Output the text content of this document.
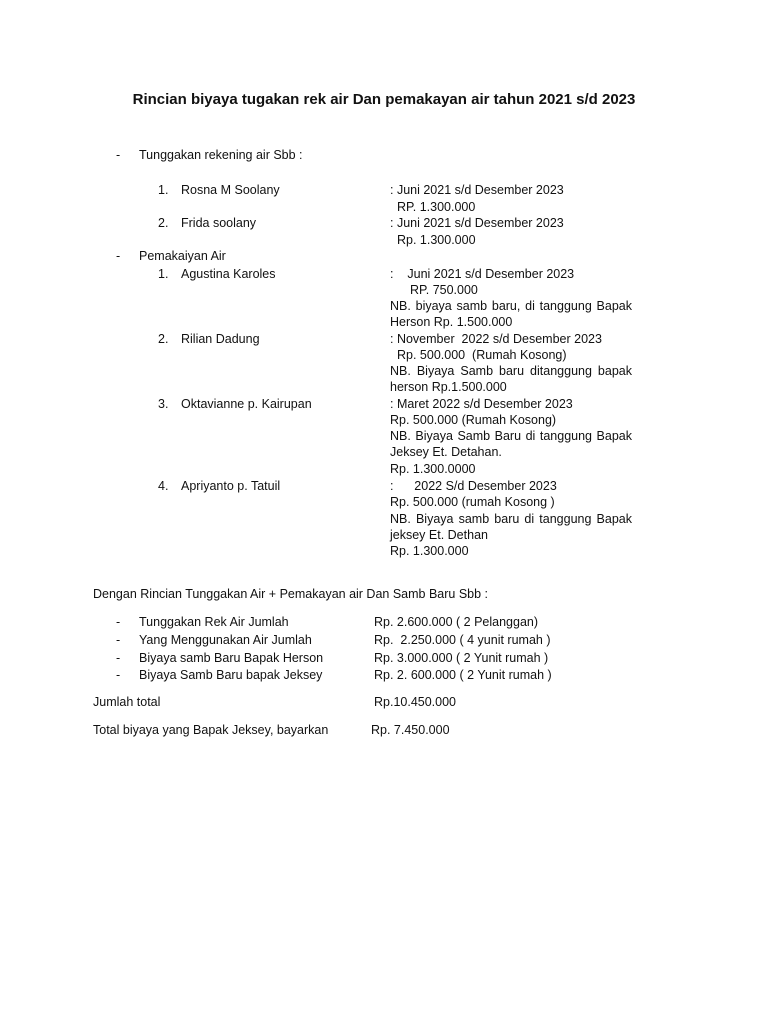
Rincian biyaya tugakan rek air Dan pemakayan air tahun 2021 s/d 2023
- Tunggakan rekening air Sbb :
1. Rosna M Soolany	: Juni 2021 s/d Desember 2023
RP. 1.300.000
2. Frida soolany	: Juni 2021 s/d Desember 2023
Rp. 1.300.000
- Pemakaiyan Air
1. Agustina Karoles	:    Juni 2021 s/d Desember 2023
RP. 750.000
NB. biyaya samb baru, di tanggung Bapak Herson Rp. 1.500.000
2. Rilian Dadung	: November  2022 s/d Desember 2023
Rp. 500.000  (Rumah Kosong)
NB. Biyaya Samb baru ditanggung bapak herson Rp.1.500.000
3. Oktavianne p. Kairupan	: Maret 2022 s/d Desember 2023
Rp. 500.000 (Rumah Kosong)
NB. Biyaya Samb Baru di tanggung Bapak Jeksey Et. Detahan.
Rp. 1.300.0000
4. Apriyanto p. Tatuil	:      2022 S/d Desember 2023
Rp. 500.000 (rumah Kosong )
NB. Biyaya samb baru di tanggung Bapak jeksey Et. Dethan
Rp. 1.300.000
Dengan Rincian Tunggakan Air + Pemakayan air Dan Samb Baru Sbb :
- Tunggakan Rek Air Jumlah	Rp. 2.600.000 ( 2 Pelanggan)
- Yang Menggunakan Air Jumlah	Rp.  2.250.000 ( 4 yunit rumah )
- Biyaya samb Baru Bapak Herson	Rp. 3.000.000 ( 2 Yunit rumah )
- Biyaya Samb Baru bapak Jeksey	Rp. 2. 600.000 ( 2 Yunit rumah )
Jumlah total	Rp.10.450.000
Total biyaya yang Bapak Jeksey, bayarkan	Rp. 7.450.000
